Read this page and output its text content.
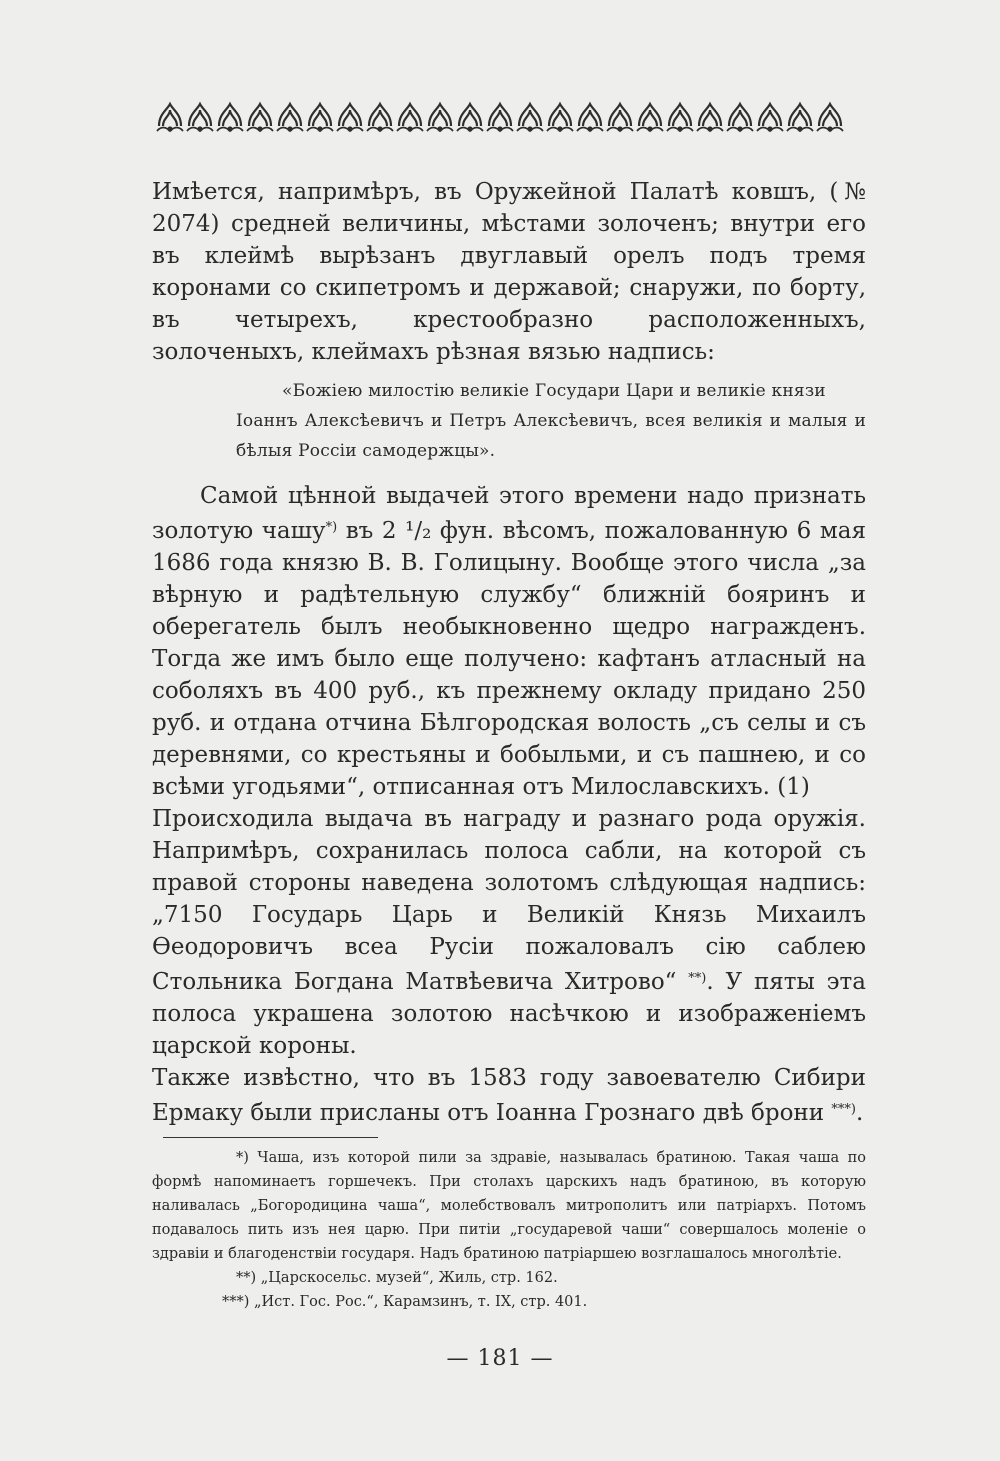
Имѣется, напримѣръ, въ Оружейной Палатѣ ковшъ, (№ 2074) средней величины, мѣстами золоченъ; внутри его въ клеймѣ вырѣзанъ двуглавый орелъ подъ тремя коронами со скипетромъ и державой; снаружи, по борту, въ четырехъ, крестообразно расположенныхъ, золоченыхъ, клеймахъ рѣзная вязью надпись:

«Божiею милостiю великiе Государи Цари и великiе князи

Iоаннъ Алексѣевичъ и Петръ Алексѣевичъ, всея великiя и малыя и бѣлыя Россiи самодержцы».

Самой цѣнной выдачей этого времени надо признать золотую чашу*) въ 2 ¹/₂ фун. вѣсомъ, пожалованную 6 мая 1686 года князю В. В. Голицыну. Вообще этого числа „за вѣрную и радѣтельную службу“ ближнiй бояринъ и оберегатель былъ необыкновенно щедро награжденъ. Тогда же имъ было еще получено: кафтанъ атласный на соболяхъ въ 400 руб., къ прежнему окладу придано 250 руб. и отдана отчина Бѣлгородская волость „съ селы и съ деревнями, со крестьяны и бобыльми, и съ пашнею, и со всѣми угодьями“, отписанная отъ Милославскихъ. (1)

Происходила выдача въ награду и разнаго рода оружiя. Напримѣръ, сохранилась полоса сабли, на которой съ правой стороны наведена золотомъ слѣдующая надпись: „7150 Государь Царь и Великiй Князь Михаилъ Ѳеодоровичъ всеа Русiи пожаловалъ сiю саблею Стольника Богдана Матвѣевича Хитрово“ **). У пяты эта полоса украшена золотою насѣчкою и изображенiемъ царской короны.

Также извѣстно, что въ 1583 году завоевателю Сибири Ермаку были присланы отъ Iоанна Грознаго двѣ брони ***).

*) Чаша, изъ которой пили за здравiе, называлась братиною. Такая чаша по формѣ напоминаетъ горшечекъ. При столахъ царскихъ надъ братиною, въ которую наливалась „Богородицина чаша“, молебствовалъ митрополитъ или патрiархъ. Потомъ подавалось пить изъ нея царю. При питiи „государевой чаши“ совершалось моленiе о здравiи и благоденствiи государя. Надъ братиною патрiаршею возглашалось многолѣтiе.

**) „Царскосельс. музей“, Жиль, стр. 162.

***) „Ист. Гос. Рос.“, Карамзинъ, т. IX, стр. 401.

— 181 —
